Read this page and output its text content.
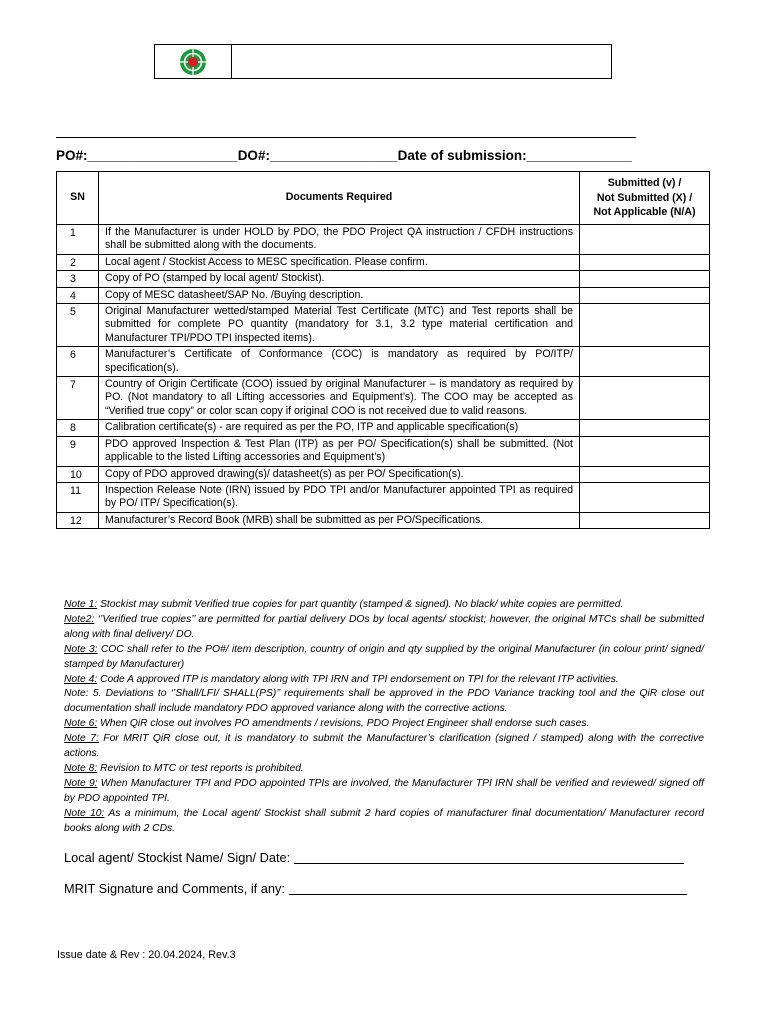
PO#:____________________DO#:_________________Date of submission:______________
SN	Documents Required	Submitted (v) /
Not Submitted (X) /
Not Applicable (N/A)
1	If the Manufacturer is under HOLD by PDO, the PDO Project QA instruction / CFDH instructions shall be submitted along with the documents.	
2	Local agent / Stockist Access to MESC specification. Please confirm.	
3	Copy of PO (stamped by local agent/ Stockist).	
4	Copy of MESC datasheet/SAP No. /Buying description.	
5	Original Manufacturer wetted/stamped Material Test Certificate (MTC) and Test reports shall be submitted for complete PO quantity (mandatory for 3.1, 3.2 type material certification and Manufacturer TPI/PDO TPI inspected items).	
6	Manufacturer’s Certificate of Conformance (COC) is mandatory as required by PO/ITP/ specification(s).	
7	Country of Origin Certificate (COO) issued by original Manufacturer – is mandatory as required by PO. (Not mandatory to all Lifting accessories and Equipment’s). The COO may be accepted as “Verified true copy” or color scan copy if original COO is not received due to valid reasons.	
8	Calibration certificate(s) - are required as per the PO, ITP and applicable specification(s)	
9	PDO approved Inspection & Test Plan (ITP) as per PO/ Specification(s) shall be submitted. (Not applicable to the listed Lifting accessories and Equipment’s)	
10	Copy of PDO approved drawing(s)/ datasheet(s) as per PO/ Specification(s).	
11	Inspection Release Note (IRN) issued by PDO TPI and/or Manufacturer appointed TPI as required by PO/ ITP/ Specification(s).	
12	Manufacturer’s Record Book (MRB) shall be submitted as per PO/Specifications.	

Note 1: Stockist may submit Verified true copies for part quantity (stamped & signed). No black/ white copies are permitted.

Note2: ‘’Verified true copies’’ are permitted for partial delivery DOs by local agents/ stockist; however, the original MTCs shall be submitted along with final delivery/ DO.

Note 3: COC shall refer to the PO#/ item description, country of origin and qty supplied by the original Manufacturer (in colour print/ signed/ stamped by Manufacturer)

Note 4: Code A approved ITP is mandatory along with TPI IRN and TPI endorsement on TPI for the relevant ITP activities.

Note: 5. Deviations to ‘’Shall/LFI/ SHALL(PS)’’ requirements shall be approved in the PDO Variance tracking tool and the QiR close out documentation shall include mandatory PDO approved variance along with the corrective actions.

Note 6: When QiR close out involves PO amendments / revisions, PDO Project Engineer shall endorse such cases.

Note 7: For MRIT QiR close out, it is mandatory to submit the Manufacturer’s clarification (signed / stamped) along with the corrective actions.

Note 8: Revision to MTC or test reports is prohibited.

Note 9: When Manufacturer TPI and PDO appointed TPIs are involved, the Manufacturer TPI IRN shall be verified and reviewed/ signed off by PDO appointed TPI.

Note 10: As a minimum, the Local agent/ Stockist shall submit 2 hard copies of manufacturer final documentation/ Manufacturer record books along with 2 CDs.

Local agent/ Stockist Name/ Sign/ Date:
MRIT Signature and Comments, if any:
Issue date & Rev : 20.04.2024, Rev.3
